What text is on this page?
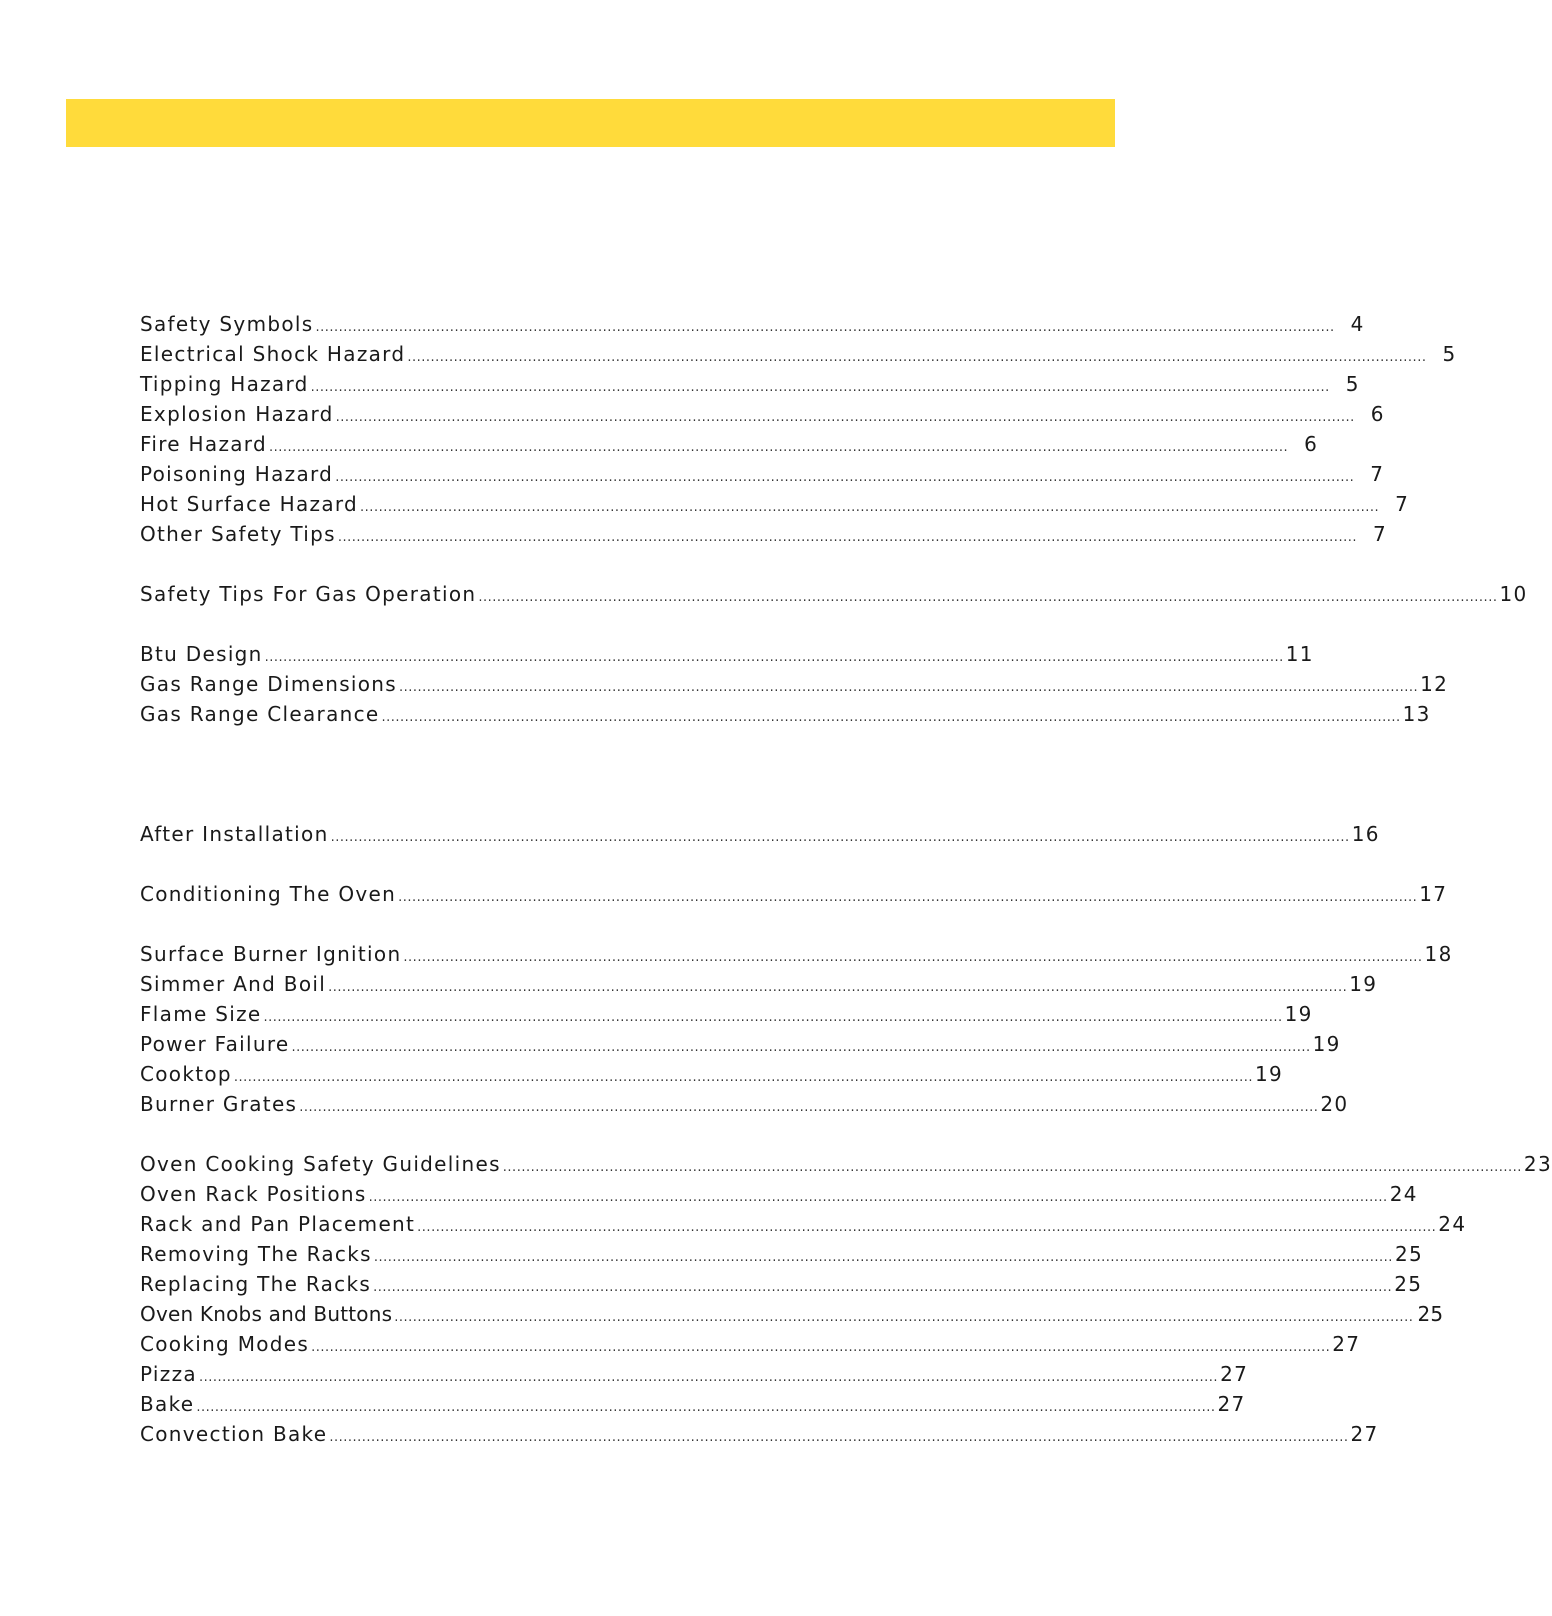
Safety Symbols ............................................................................................................................................................................................................................ 4
Electrical Shock Hazard ............................................................................................................................................................................................................................ 5
Tipping Hazard ............................................................................................................................................................................................................................ 5
Explosion Hazard ............................................................................................................................................................................................................................ 6
Fire Hazard ............................................................................................................................................................................................................................ 6
Poisoning Hazard ............................................................................................................................................................................................................................ 7
Hot Surface Hazard ............................................................................................................................................................................................................................ 7
Other Safety Tips ............................................................................................................................................................................................................................ 7
Safety Tips For Gas Operation ............................................................................................................................................................................................................................ 10
Btu Design ............................................................................................................................................................................................................................ 11
Gas Range Dimensions ............................................................................................................................................................................................................................ 12
Gas Range Clearance ............................................................................................................................................................................................................................ 13
After Installation ............................................................................................................................................................................................................................ 16
Conditioning The Oven ............................................................................................................................................................................................................................ 17
Surface Burner Ignition ............................................................................................................................................................................................................................ 18
Simmer And Boil ............................................................................................................................................................................................................................ 19
Flame Size ............................................................................................................................................................................................................................ 19
Power Failure ............................................................................................................................................................................................................................ 19
Cooktop ............................................................................................................................................................................................................................ 19
Burner Grates ............................................................................................................................................................................................................................ 20
Oven Cooking Safety Guidelines ............................................................................................................................................................................................................................ 23
Oven Rack Positions ............................................................................................................................................................................................................................ 24
Rack and Pan Placement ............................................................................................................................................................................................................................ 24
Removing The Racks ............................................................................................................................................................................................................................ 25
Replacing The Racks ............................................................................................................................................................................................................................ 25
Oven Knobs and Buttons ............................................................................................................................................................................................................................ 25
Cooking Modes ............................................................................................................................................................................................................................ 27
Pizza ............................................................................................................................................................................................................................ 27
Bake ............................................................................................................................................................................................................................ 27
Convection Bake ............................................................................................................................................................................................................................ 27
